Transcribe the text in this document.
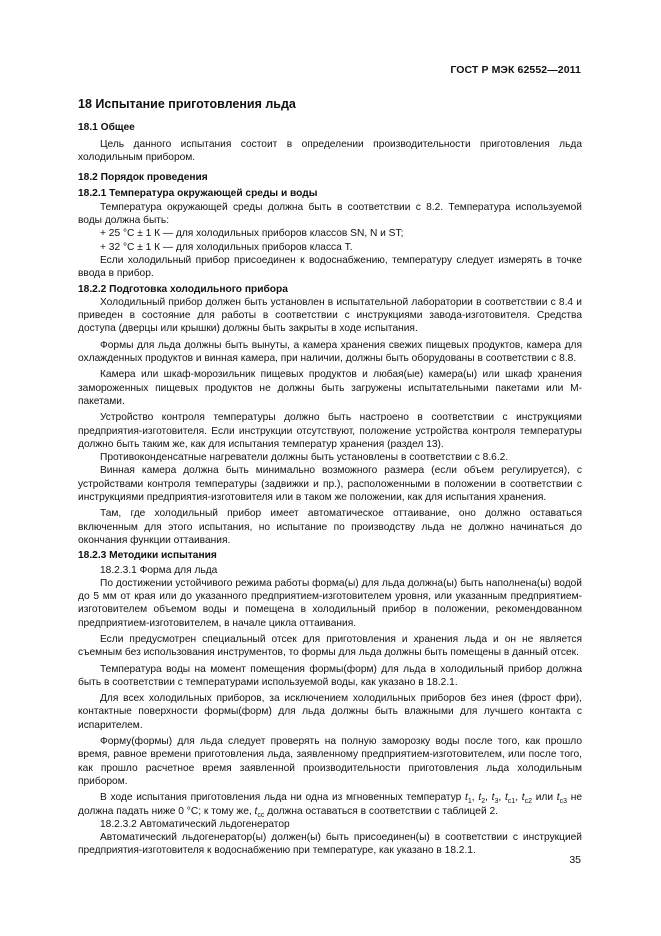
ГОСТ Р МЭК 62552—2011

18 Испытание приготовления льда

18.1 Общее

Цель данного испытания состоит в определении производительности приготовления льда холодильным прибором.

18.2 Порядок проведения

18.2.1 Температура окружающей среды и воды

Температура окружающей среды должна быть в соответствии с 8.2. Температура используемой воды должна быть:

+ 25 °С ± 1 К — для холодильных приборов классов SN, N и ST;

+ 32 °С ± 1 К — для холодильных приборов класса Т.

Если холодильный прибор присоединен к водоснабжению, температуру следует измерять в точке ввода в прибор.

18.2.2 Подготовка холодильного прибора

Холодильный прибор должен быть установлен в испытательной лаборатории в соответствии с 8.4 и приведен в состояние для работы в соответствии с инструкциями завода-изготовителя. Средства доступа (дверцы или крышки) должны быть закрыты в ходе испытания.

Формы для льда должны быть вынуты, а камера хранения свежих пищевых продуктов, камера для охлажденных продуктов и винная камера, при наличии, должны быть оборудованы в соответствии с 8.8.

Камера или шкаф-морозильник пищевых продуктов и любая(ые) камера(ы) или шкаф хранения замороженных пищевых продуктов не должны быть загружены испытательными пакетами или М-пакетами.

Устройство контроля температуры должно быть настроено в соответствии с инструкциями предприятия-изготовителя. Если инструкции отсутствуют, положение устройства контроля температуры должно быть таким же, как для испытания температур хранения (раздел 13).

Противоконденсатные нагреватели должны быть установлены в соответствии с 8.6.2.

Винная камера должна быть минимально возможного размера (если объем регулируется), с устройствами контроля температуры (задвижки и пр.), расположенными в положении в соответствии с инструкциями предприятия-изготовителя или в таком же положении, как для испытания хранения.

Там, где холодильный прибор имеет автоматическое оттаивание, оно должно оставаться включенным для этого испытания, но испытание по производству льда не должно начинаться до окончания функции оттаивания.

18.2.3 Методики испытания

18.2.3.1 Форма для льда

По достижении устойчивого режима работы форма(ы) для льда должна(ы) быть наполнена(ы) водой до 5 мм от края или до указанного предприятием-изготовителем уровня, или указанным предприятием-изготовителем объемом воды и помещена в холодильный прибор в положении, рекомендованном предприятием-изготовителем, в начале цикла оттаивания.

Если предусмотрен специальный отсек для приготовления и хранения льда и он не является съемным без использования инструментов, то формы для льда должны быть помещены в данный отсек.

Температура воды на момент помещения формы(форм) для льда в холодильный прибор должна быть в соответствии с температурами используемой воды, как указано в 18.2.1.

Для всех холодильных приборов, за исключением холодильных приборов без инея (фрост фри), контактные поверхности формы(форм) для льда должны быть влажными для лучшего контакта с испарителем.

Форму(формы) для льда следует проверять на полную заморозку воды после того, как прошло время, равное времени приготовления льда, заявленному предприятием-изготовителем, или после того, как прошло расчетное время заявленной производительности приготовления льда холодильным прибором.

В ходе испытания приготовления льда ни одна из мгновенных температур $t_1$, $t_2$, $t_3$, $t_{c1}$, $t_{c2}$ или $t_{c3}$ не должна падать ниже 0 °С; к тому же, $t_{cc}$ должна оставаться в соответствии с таблицей 2.

18.2.3.2 Автоматический льдогенератор

Автоматический льдогенератор(ы) должен(ы) быть присоединен(ы) в соответствии с инструкцией предприятия-изготовителя к водоснабжению при температуре, как указано в 18.2.1.

35
